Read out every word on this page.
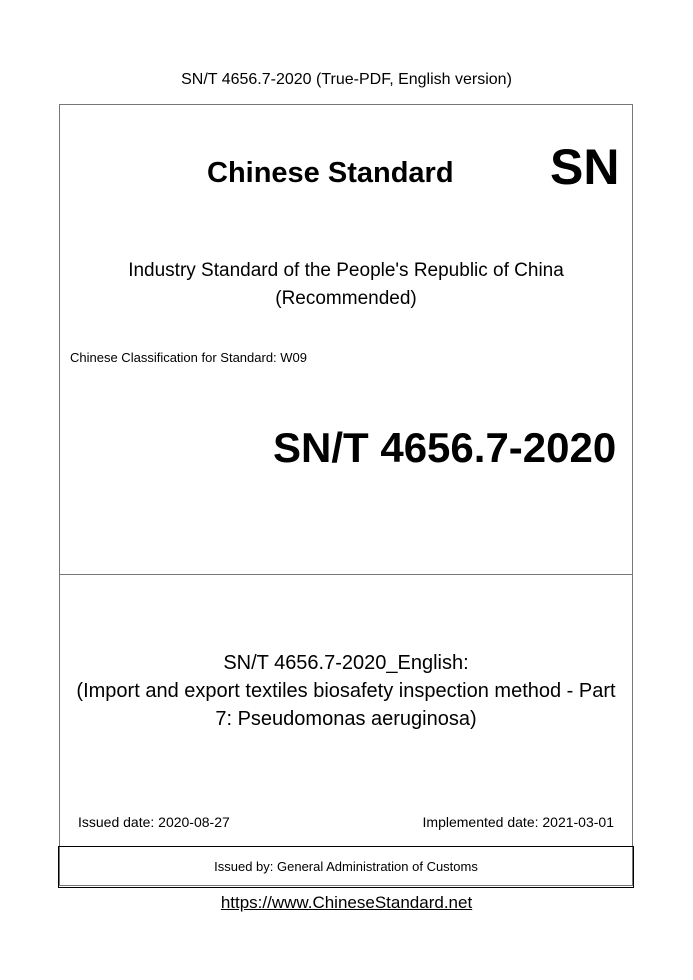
SN/T 4656.7-2020 (True-PDF, English version)
Chinese Standard SN
Industry Standard of the People's Republic of China
(Recommended)
Chinese Classification for Standard: W09
SN/T 4656.7-2020
SN/T 4656.7-2020_English:
(Import and export textiles biosafety inspection method - Part
7: Pseudomonas aeruginosa)
Issued date: 2020-08-27	Implemented date: 2021-03-01
Issued by: General Administration of Customs
https://www.ChineseStandard.net
